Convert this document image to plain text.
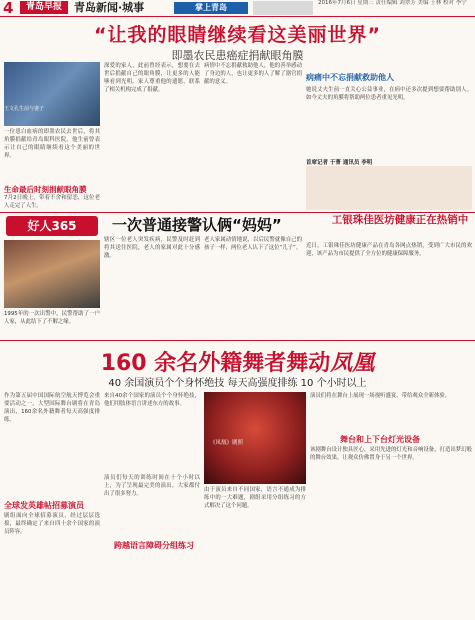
4	青岛早报	青岛新闻·城事	掌上青岛	2016年7月6日 星期三 责任编辑 刘翠芳 美编 王林 校对 李宁
“让我的眼睛继续看这美丽世界”
即墨农民患癌症捐献眼角膜
王文孔生前与妻子
一位患白血病的即墨农民去世后，将其角膜捐献给青岛眼科医院，他生前曾表示让自己的眼睛继续看这个美丽的世界。
生命最后时刻捐献眼角膜
7月2日晚上，带着不舍和留恋，这位老人走完了人生。
深爱的家人，此前曾经表示，想要在去世后捐献自己的眼角膜，让更多的人能够看到光明。家人尊重他的遗愿，联系了相关机构完成了捐献。
病情中不忘捐献救助他人，他的善举感动了身边的人，也让更多的人了解了器官捐献的意义。	病痛中不忘捐献救助他人
她说丈夫生前一直关心公益事业，在病中还多次提到想要帮助别人。如今丈夫的角膜将帮助两位患者重见光明。
首席记者 于菁 通讯员 李明
好人365	一次普通接警认俩“妈妈”
1995年的一次出警中，民警帮助了一户人家，从此结下了不解之缘。
辖区一位老人突发疾病，民警及时赶到将其送往医院，老人的家属对此十分感激。
老人家属动情地说，以后民警就像自己的孩子一样，两位老人认下了这位“儿子”。
工银珠佳医坊健康正在热销中
近日，工银珠佳医坊健康产品在青岛各网点热销，受到广大市民的欢迎，该产品为市民提供了全方位的健康保障服务。
160 余名外籍舞者舞动凤凰
40 余国演员个个身怀绝技 每天高强度排练 10 个小时以上
作为第五届中国国际航空航天博览会重要活动之一，大型国际舞台剧将在青岛演出，160余名外籍舞者每天高强度排练。
来自40余个国家的演员个个身怀绝技，他们用肢体语言讲述东方的故事。
《凤凰》剧照
演员们将在舞台上展现一场视听盛宴，带给观众全新体验。
舞台和上下台灯光设备
该剧舞台设计独具匠心，采用先进的灯光和音响设备，打造出梦幻般的舞台效果，让观众仿佛置身于另一个世界。
全球发英雄帖招募演员
剧组面向全球招募演员，经过层层选拔，最终确定了来自四十余个国家的演员阵容。
演员们每天的训练时间在十个小时以上，为了呈现最完美的演出，大家都付出了很多努力。
跨越语言障碍分组练习
由于演员来自不同国家，语言不通成为排练中的一大难题，剧组采用分组练习的方式解决了这个问题。
